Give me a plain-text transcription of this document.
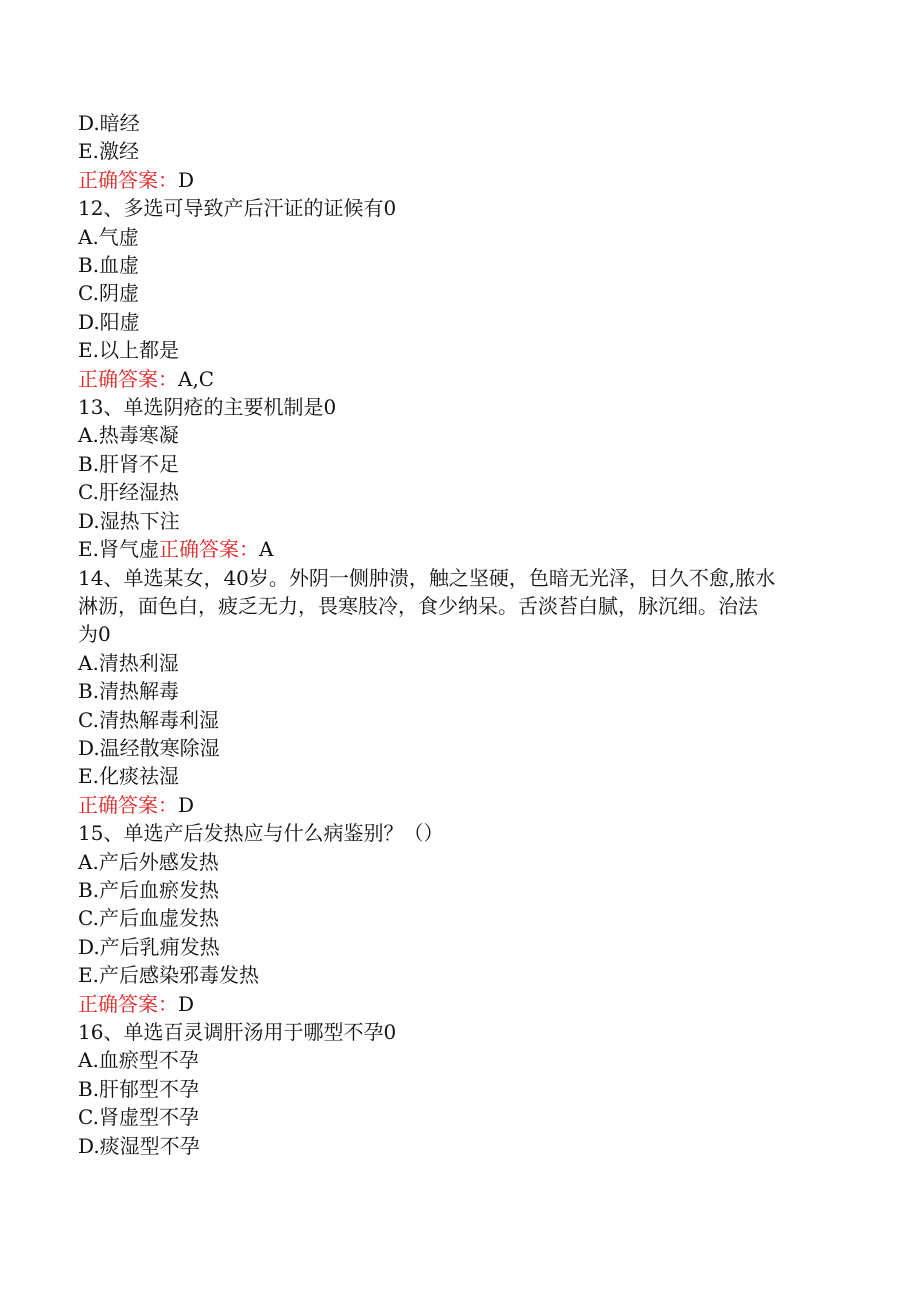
D.暗经
E.激经
正确答案：D
12、多选可导致产后汗证的证候有0
A.气虚
B.血虚
C.阴虚
D.阳虚
E.以上都是
正确答案：A,C
13、单选阴疮的主要机制是0
A.热毒寒凝
B.肝肾不足
C.肝经湿热
D.湿热下注
E.肾气虚正确答案：A
14、单选某女，40岁。外阴一侧肿溃，触之坚硬，色暗无光泽，日久不愈,脓水
淋沥，面色白，疲乏无力，畏寒肢冷，食少纳呆。舌淡苔白腻，脉沉细。治法
为0
A.清热利湿
B.清热解毒
C.清热解毒利湿
D.温经散寒除湿
E.化痰祛湿
正确答案：D
15、单选产后发热应与什么病鉴别？（）
A.产后外感发热
B.产后血瘀发热
C.产后血虚发热
D.产后乳痈发热
E.产后感染邪毒发热
正确答案：D
16、单选百灵调肝汤用于哪型不孕0
A.血瘀型不孕
B.肝郁型不孕
C.肾虚型不孕
D.痰湿型不孕
